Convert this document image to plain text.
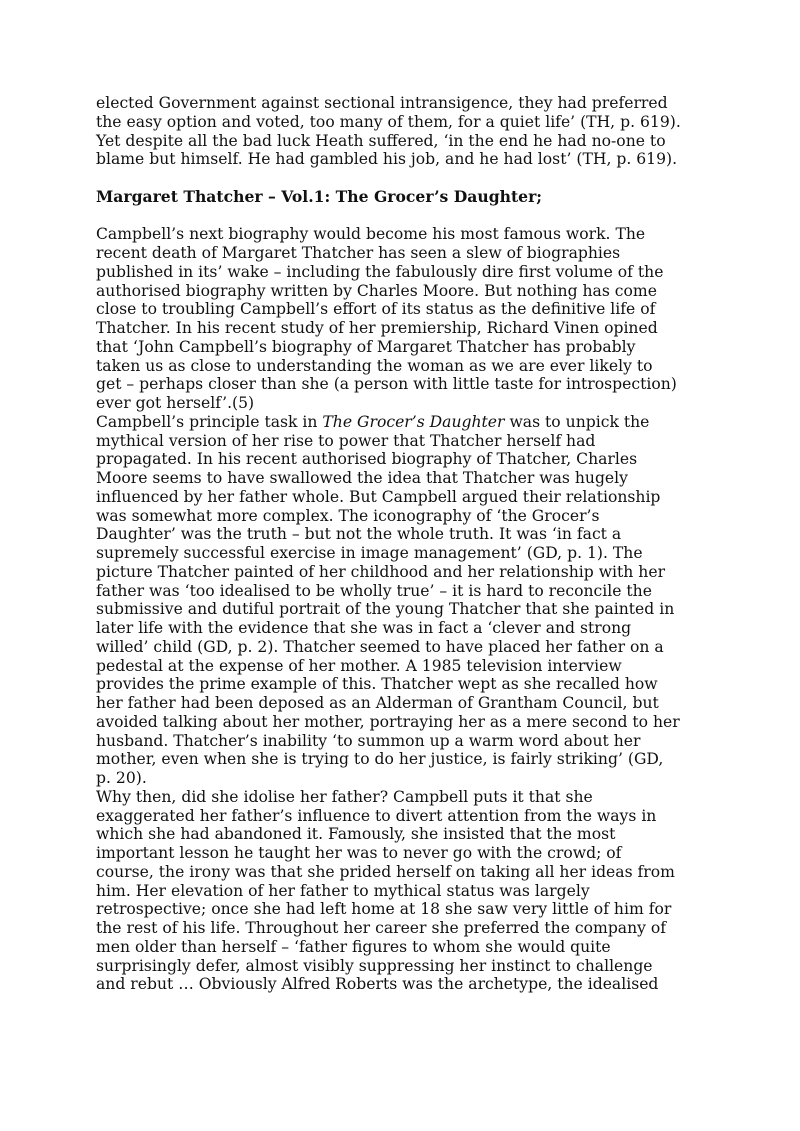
elected Government against sectional intransigence, they had preferred
the easy option and voted, too many of them, for a quiet life’ (TH, p. 619).
Yet despite all the bad luck Heath suffered, ‘in the end he had no-one to
blame but himself. He had gambled his job, and he had lost’ (TH, p. 619).
Margaret Thatcher – Vol.1: The Grocer’s Daughter;
Campbell’s next biography would become his most famous work. The
recent death of Margaret Thatcher has seen a slew of biographies
published in its’ wake – including the fabulously dire first volume of the
authorised biography written by Charles Moore. But nothing has come
close to troubling Campbell’s effort of its status as the definitive life of
Thatcher. In his recent study of her premiership, Richard Vinen opined
that ‘John Campbell’s biography of Margaret Thatcher has probably
taken us as close to understanding the woman as we are ever likely to
get – perhaps closer than she (a person with little taste for introspection)
ever got herself’.(5)
Campbell’s principle task in The Grocer’s Daughter was to unpick the
mythical version of her rise to power that Thatcher herself had
propagated. In his recent authorised biography of Thatcher, Charles
Moore seems to have swallowed the idea that Thatcher was hugely
influenced by her father whole. But Campbell argued their relationship
was somewhat more complex. The iconography of ‘the Grocer’s
Daughter’ was the truth – but not the whole truth. It was ‘in fact a
supremely successful exercise in image management’ (GD, p. 1). The
picture Thatcher painted of her childhood and her relationship with her
father was ‘too idealised to be wholly true’ – it is hard to reconcile the
submissive and dutiful portrait of the young Thatcher that she painted in
later life with the evidence that she was in fact a ‘clever and strong
willed’ child (GD, p. 2). Thatcher seemed to have placed her father on a
pedestal at the expense of her mother. A 1985 television interview
provides the prime example of this. Thatcher wept as she recalled how
her father had been deposed as an Alderman of Grantham Council, but
avoided talking about her mother, portraying her as a mere second to her
husband. Thatcher’s inability ‘to summon up a warm word about her
mother, even when she is trying to do her justice, is fairly striking’ (GD,
p. 20).
Why then, did she idolise her father? Campbell puts it that she
exaggerated her father’s influence to divert attention from the ways in
which she had abandoned it. Famously, she insisted that the most
important lesson he taught her was to never go with the crowd; of
course, the irony was that she prided herself on taking all her ideas from
him. Her elevation of her father to mythical status was largely
retrospective; once she had left home at 18 she saw very little of him for
the rest of his life. Throughout her career she preferred the company of
men older than herself – ‘father figures to whom she would quite
surprisingly defer, almost visibly suppressing her instinct to challenge
and rebut … Obviously Alfred Roberts was the archetype, the idealised
